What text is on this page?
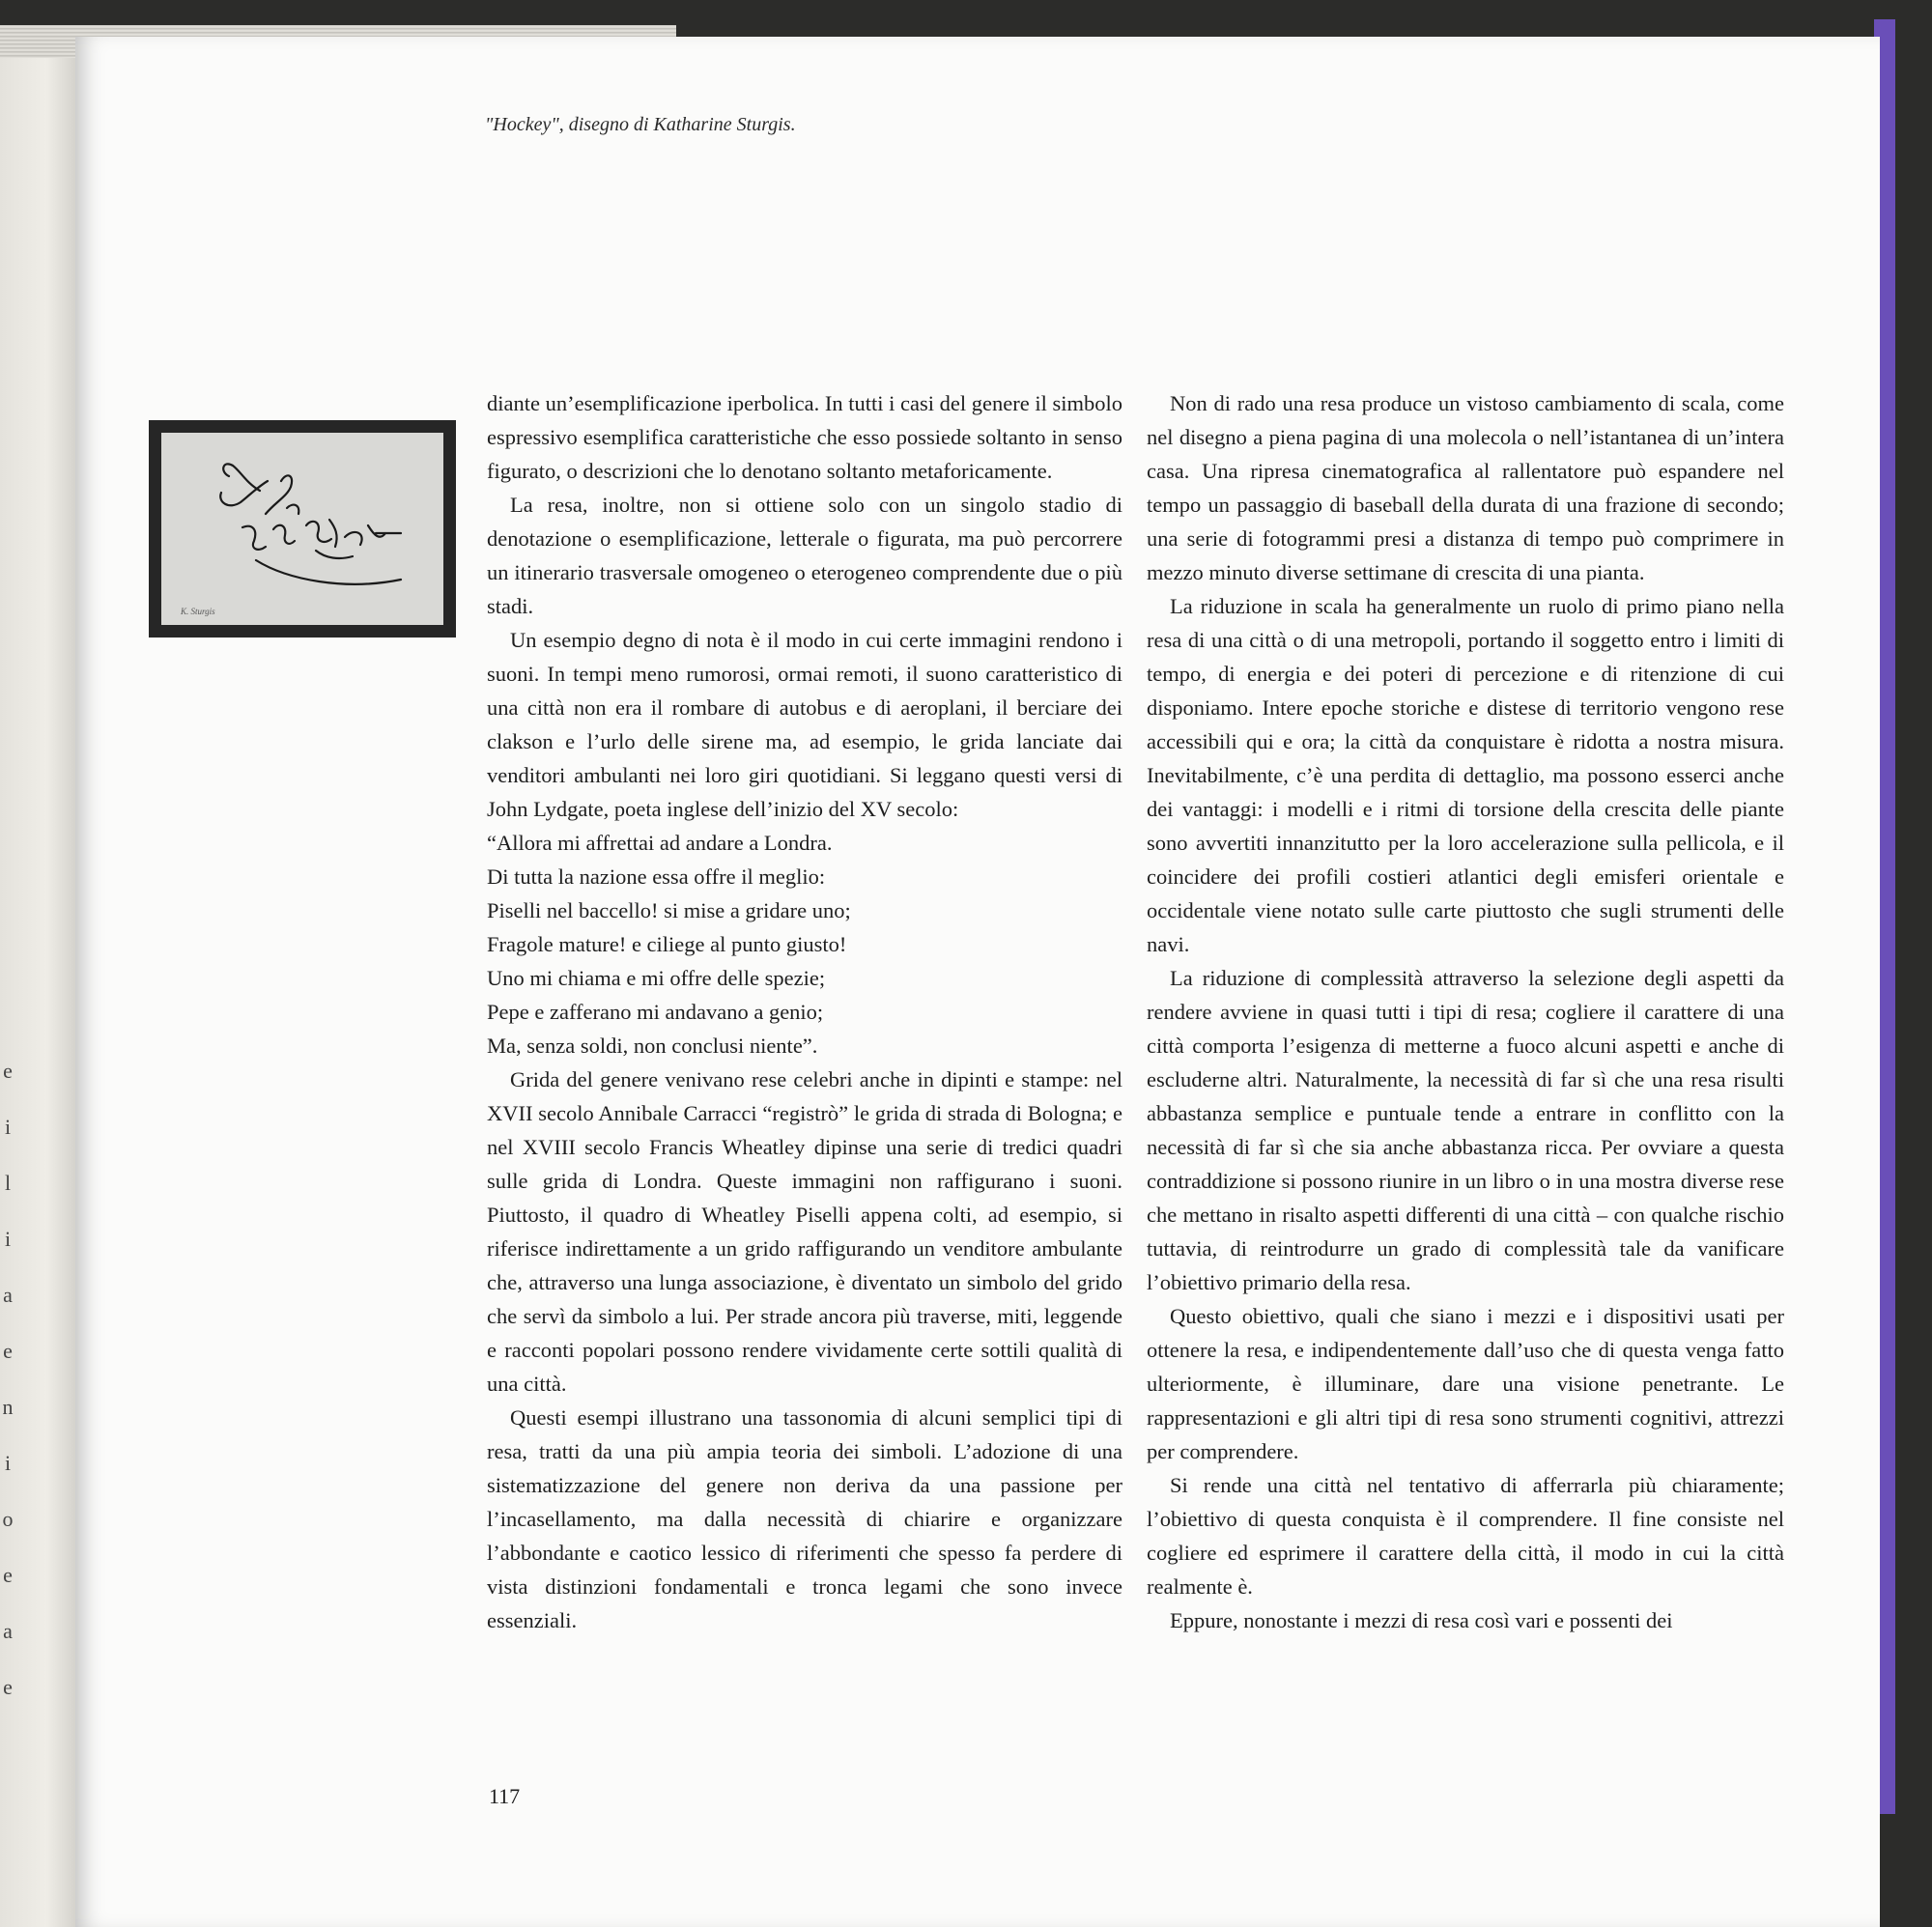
e
i
l
i
a
e
n
i
o
e
a
e
"Hockey", disegno di Katharine Sturgis.
K. Sturgis

diante un’esemplificazione iperbolica. In tutti i casi del genere il simbolo espressivo esemplifica caratteristiche che esso possiede soltanto in senso figurato, o descrizioni che lo denotano soltanto metaforicamente.

La resa, inoltre, non si ottiene solo con un singolo stadio di denotazione o esemplificazione, letterale o figurata, ma può percorrere un itinerario trasversale omogeneo o eterogeneo comprendente due o più stadi.

Un esempio degno di nota è il modo in cui certe immagini rendono i suoni. In tempi meno rumorosi, ormai remoti, il suono caratteristico di una città non era il rombare di autobus e di aeroplani, il berciare dei clakson e l’urlo delle sirene ma, ad esempio, le grida lanciate dai venditori ambulanti nei loro giri quotidiani. Si leggano questi versi di John Lydgate, poeta inglese dell’inizio del XV secolo:

“Allora mi affrettai ad andare a Londra.
Di tutta la nazione essa offre il meglio:
Piselli nel baccello! si mise a gridare uno;
Fragole mature! e ciliege al punto giusto!
Uno mi chiama e mi offre delle spezie;
Pepe e zafferano mi andavano a genio;
Ma, senza soldi, non conclusi niente”.

Grida del genere venivano rese celebri anche in dipinti e stampe: nel XVII secolo Annibale Carracci “registrò” le grida di strada di Bologna; e nel XVIII secolo Francis Wheatley dipinse una serie di tredici quadri sulle grida di Londra. Queste immagini non raffigurano i suoni. Piuttosto, il quadro di Wheatley Piselli appena colti, ad esempio, si riferisce indirettamente a un grido raffigurando un venditore ambulante che, attraverso una lunga associazione, è diventato un simbolo del grido che servì da simbolo a lui. Per strade ancora più traverse, miti, leggende e racconti popolari possono rendere vividamente certe sottili qualità di una città.

Questi esempi illustrano una tassonomia di alcuni semplici tipi di resa, tratti da una più ampia teoria dei simboli. L’adozione di una sistematizzazione del genere non deriva da una passione per l’incasellamento, ma dalla necessità di chiarire e organizzare l’abbondante e caotico lessico di riferimenti che spesso fa perdere di vista distinzioni fondamentali e tronca legami che sono invece essenziali.

Non di rado una resa produce un vistoso cambiamento di scala, come nel disegno a piena pagina di una molecola o nell’istantanea di un’intera casa. Una ripresa cinematografica al rallentatore può espandere nel tempo un passaggio di baseball della durata di una frazione di secondo; una serie di fotogrammi presi a distanza di tempo può comprimere in mezzo minuto diverse settimane di crescita di una pianta.

La riduzione in scala ha generalmente un ruolo di primo piano nella resa di una città o di una metropoli, portando il soggetto entro i limiti di tempo, di energia e dei poteri di percezione e di ritenzione di cui disponiamo. Intere epoche storiche e distese di territorio vengono rese accessibili qui e ora; la città da conquistare è ridotta a nostra misura. Inevitabilmente, c’è una perdita di dettaglio, ma possono esserci anche dei vantaggi: i modelli e i ritmi di torsione della crescita delle piante sono avvertiti innanzitutto per la loro accelerazione sulla pellicola, e il coincidere dei profili costieri atlantici degli emisferi orientale e occidentale viene notato sulle carte piuttosto che sugli strumenti delle navi.

La riduzione di complessità attraverso la selezione degli aspetti da rendere avviene in quasi tutti i tipi di resa; cogliere il carattere di una città comporta l’esigenza di metterne a fuoco alcuni aspetti e anche di escluderne altri. Naturalmente, la necessità di far sì che una resa risulti abbastanza semplice e puntuale tende a entrare in conflitto con la necessità di far sì che sia anche abbastanza ricca. Per ovviare a questa contraddizione si possono riunire in un libro o in una mostra diverse rese che mettano in risalto aspetti differenti di una città – con qualche rischio tuttavia, di reintrodurre un grado di complessità tale da vanificare l’obiettivo primario della resa.

Questo obiettivo, quali che siano i mezzi e i dispositivi usati per ottenere la resa, e indipendentemente dall’uso che di questa venga fatto ulteriormente, è illuminare, dare una visione penetrante. Le rappresentazioni e gli altri tipi di resa sono strumenti cognitivi, attrezzi per comprendere.

Si rende una città nel tentativo di afferrarla più chiaramente; l’obiettivo di questa conquista è il comprendere. Il fine consiste nel cogliere ed esprimere il carattere della città, il modo in cui la città realmente è.

Eppure, nonostante i mezzi di resa così vari e possenti dei

117
